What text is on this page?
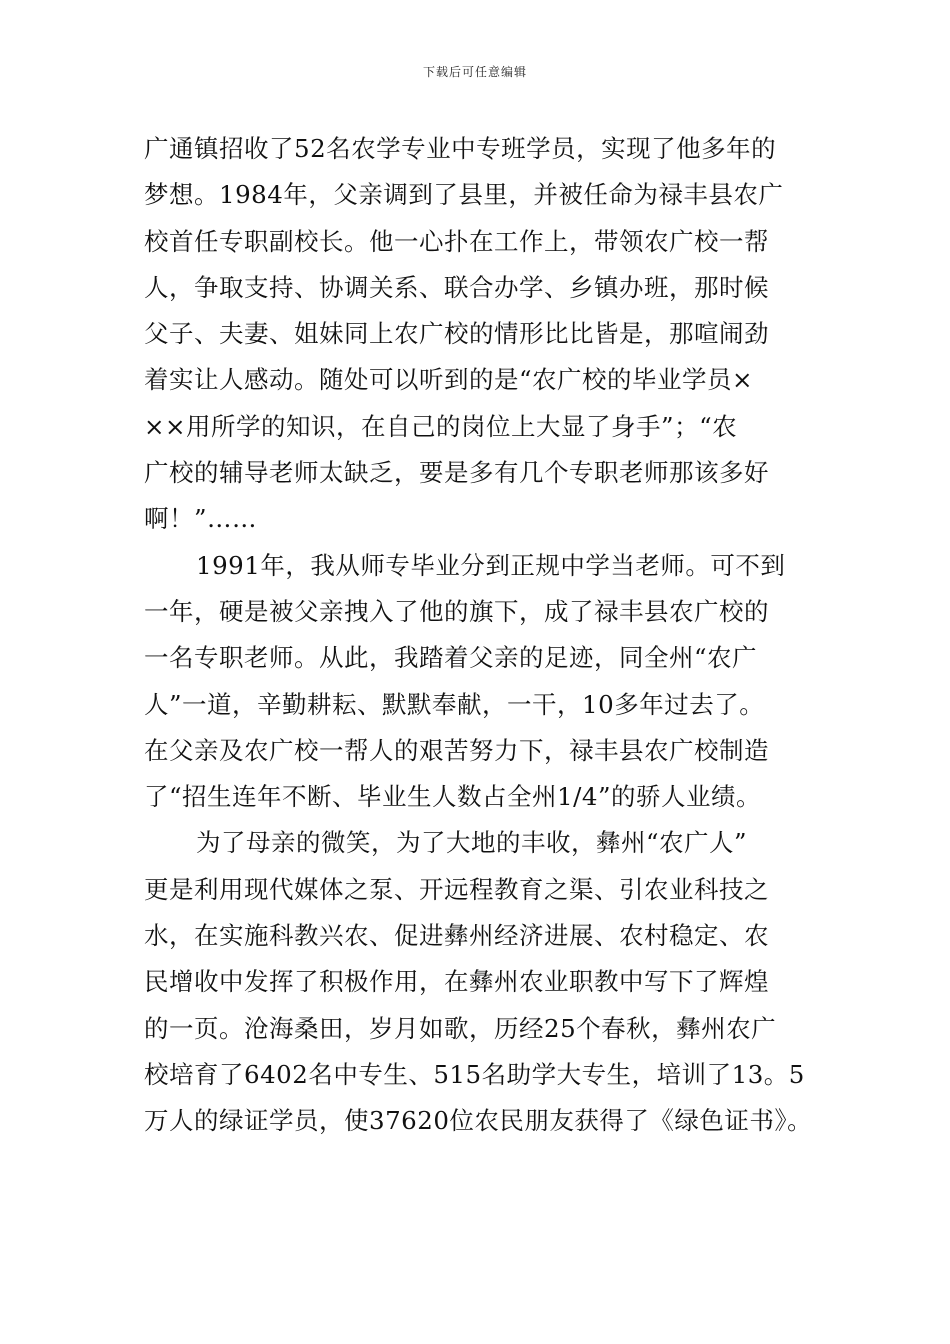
下载后可任意编辑
广通镇招收了52名农学专业中专班学员，实现了他多年的
梦想。1984年，父亲调到了县里，并被任命为禄丰县农广
校首任专职副校长。他一心扑在工作上，带领农广校一帮
人，争取支持、协调关系、联合办学、乡镇办班，那时候
父子、夫妻、姐妹同上农广校的情形比比皆是，那喧闹劲
着实让人感动。随处可以听到的是“农广校的毕业学员×
××用所学的知识，在自己的岗位上大显了身手”；“农
广校的辅导老师太缺乏，要是多有几个专职老师那该多好
啊！”……
1991年，我从师专毕业分到正规中学当老师。可不到
一年，硬是被父亲拽入了他的旗下，成了禄丰县农广校的
一名专职老师。从此，我踏着父亲的足迹，同全州“农广
人”一道，辛勤耕耘、默默奉献，一干，10多年过去了。
在父亲及农广校一帮人的艰苦努力下，禄丰县农广校制造
了“招生连年不断、毕业生人数占全州1/4”的骄人业绩。
为了母亲的微笑，为了大地的丰收，彝州“农广人”
更是利用现代媒体之泵、开远程教育之渠、引农业科技之
水，在实施科教兴农、促进彝州经济进展、农村稳定、农
民增收中发挥了积极作用，在彝州农业职教中写下了辉煌
的一页。沧海桑田，岁月如歌，历经25个春秋，彝州农广
校培育了6402名中专生、515名助学大专生，培训了13。5
万人的绿证学员，使37620位农民朋友获得了《绿色证书》。
